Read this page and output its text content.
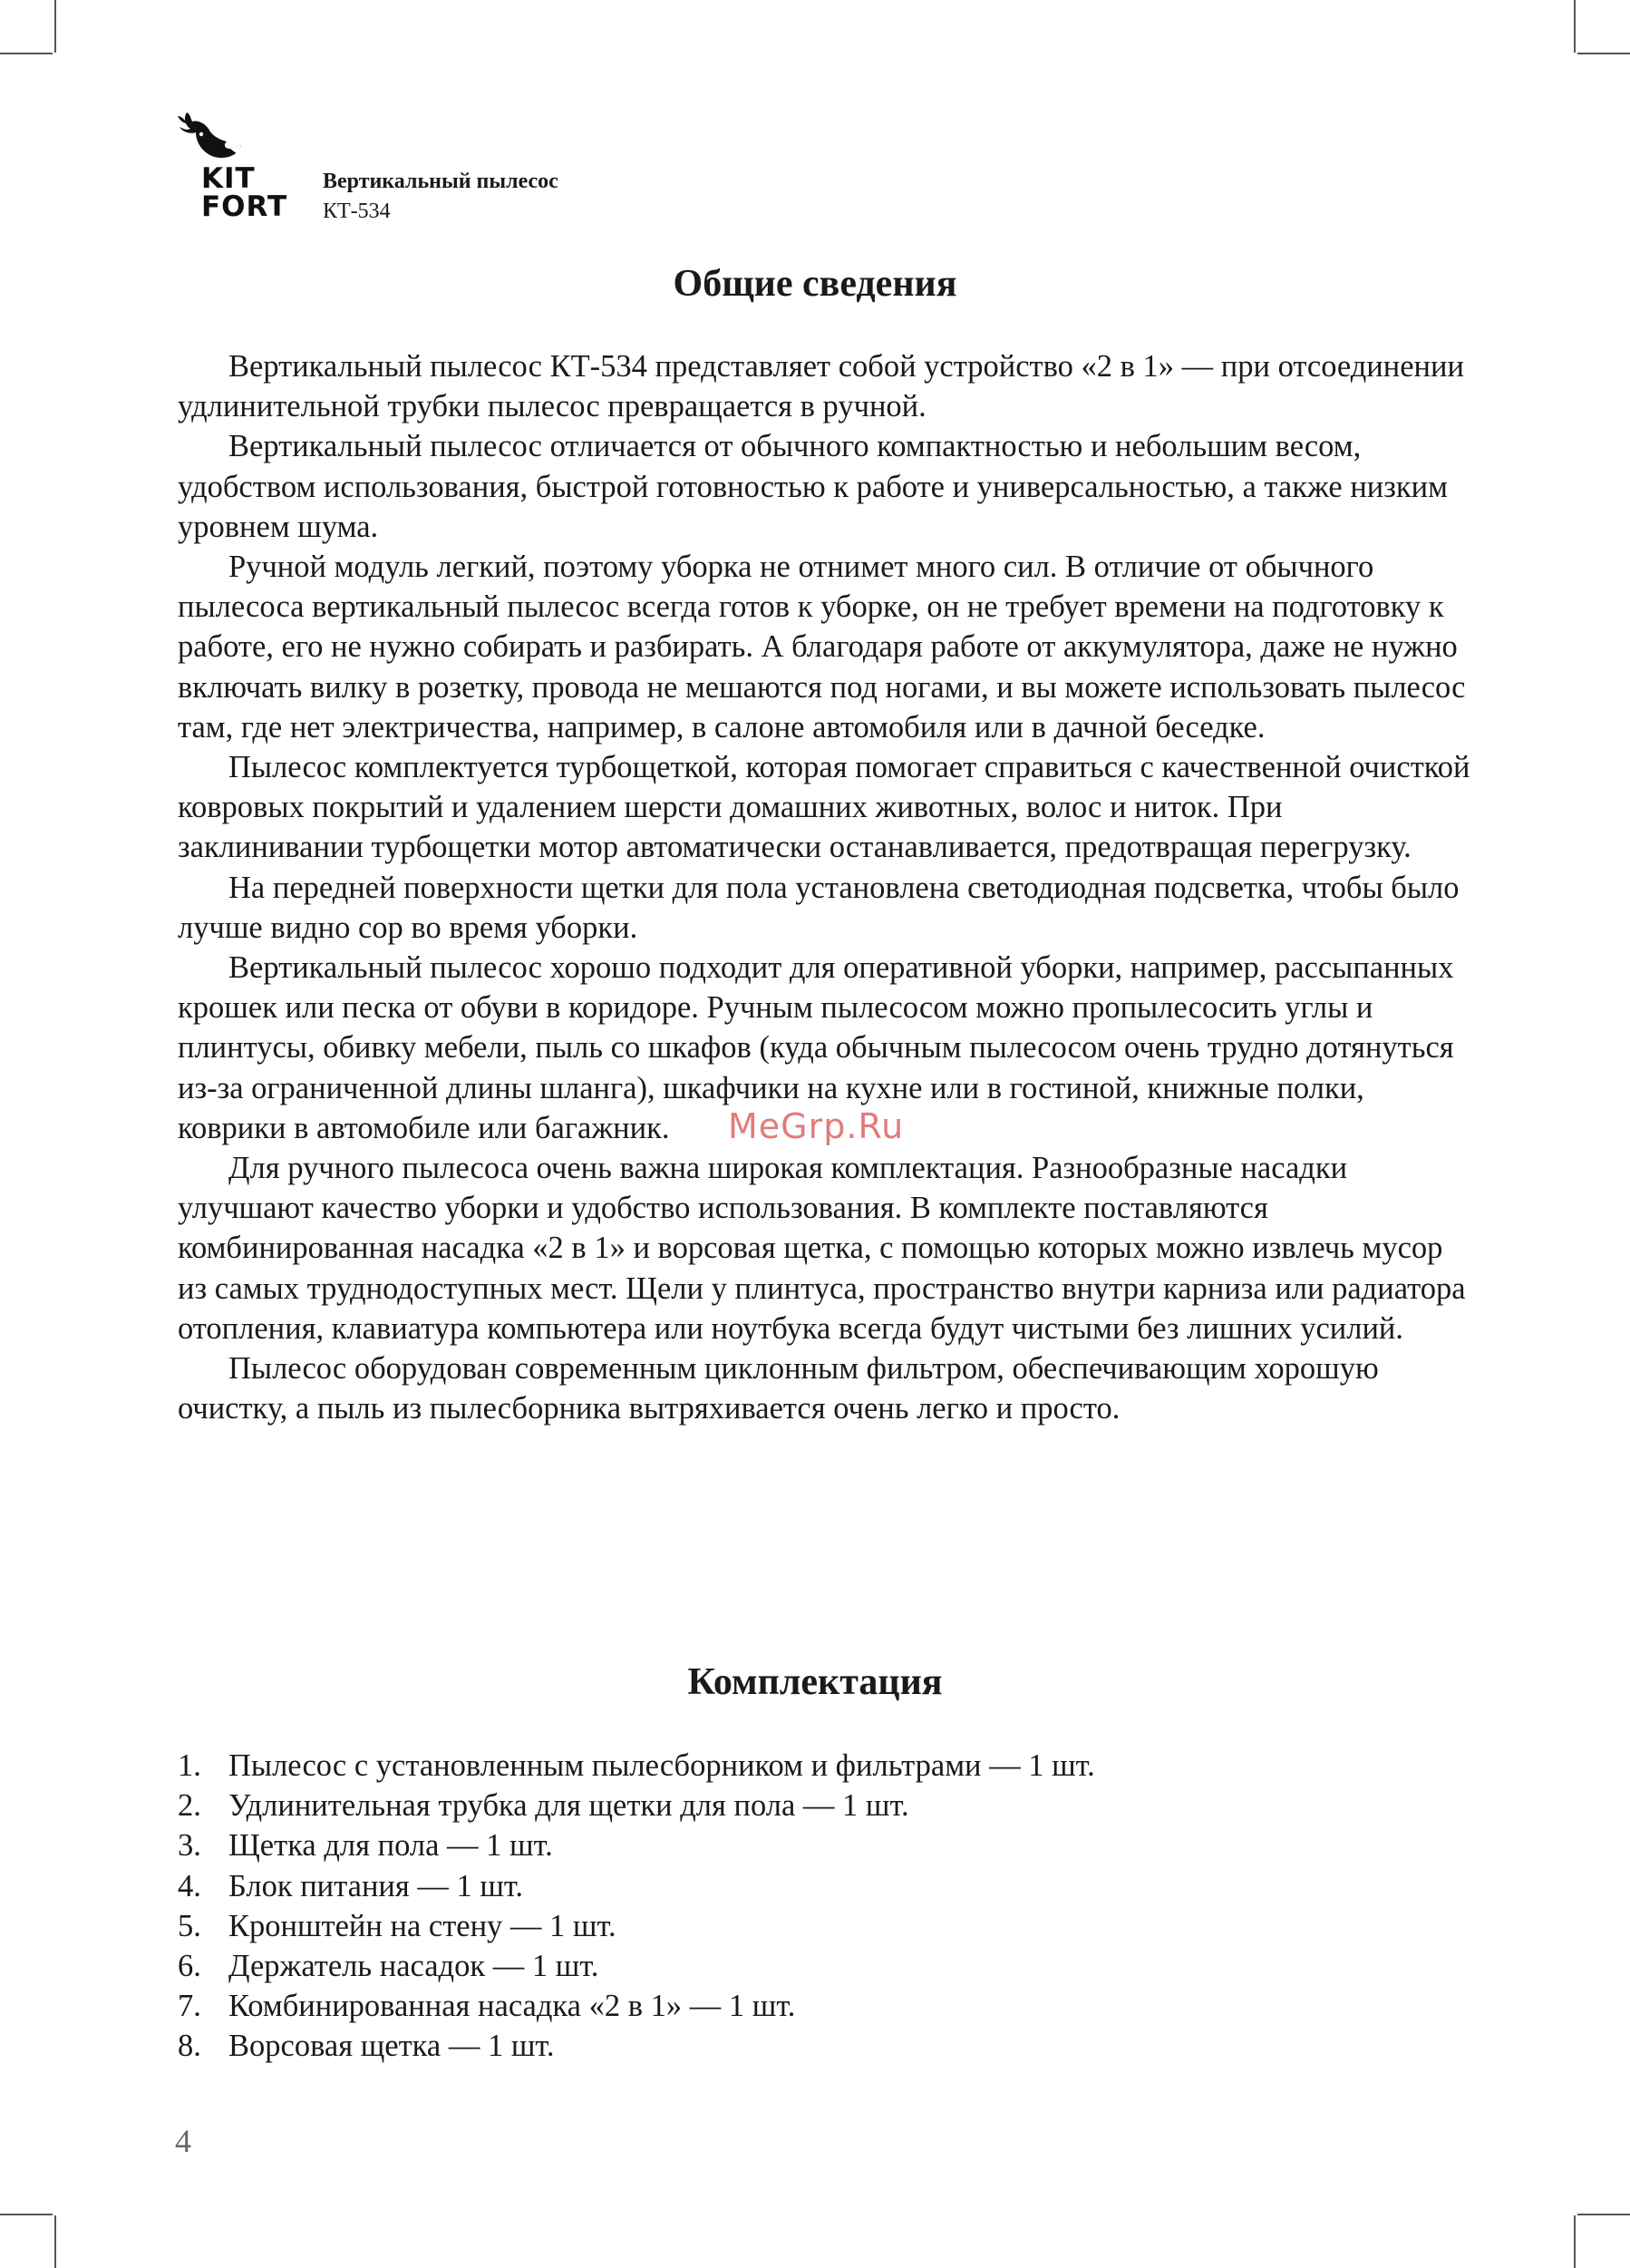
KIT
FORT
Вертикальный пылесос
КТ-534
Общие сведения

Вертикальный пылесос КТ-534 представляет собой устройство «2 в 1» — при отсоединении удлинительной трубки пылесос превращается в ручной.

Вертикальный пылесос отличается от обычного компактностью и небольшим весом, удобством использования, быстрой готовностью к работе и универсальностью, а также низким уровнем шума.

Ручной модуль легкий, поэтому уборка не отнимет много сил. В отличие от обычного пылесоса вертикальный пылесос всегда готов к уборке, он не требует времени на подготовку к работе, его не нужно собирать и разбирать. А благодаря работе от аккумулятора, даже не нужно включать вилку в розетку, провода не мешаются под ногами, и вы можете использовать пылесос там, где нет электричества, например, в салоне автомобиля или в дачной беседке.

Пылесос комплектуется турбощеткой, которая помогает справиться с качественной очисткой ковровых покрытий и удалением шерсти домашних животных, волос и ниток. При заклинивании турбощетки мотор автоматически останавливается, предотвращая перегрузку.

На передней поверхности щетки для пола установлена светодиодная подсветка, чтобы было лучше видно сор во время уборки.

Вертикальный пылесос хорошо подходит для оперативной уборки, например, рассыпанных крошек или песка от обуви в коридоре. Ручным пылесосом можно пропылесосить углы и плинтусы, обивку мебели, пыль со шкафов (куда обычным пылесосом очень трудно дотянуться из-за ограниченной длины шланга), шкафчики на кухне или в гостиной, книжные полки, коврики в автомобиле или багажник.

Для ручного пылесоса очень важна широкая комплектация. Разнообразные насадки улучшают качество уборки и удобство использования. В комплекте поставляются комбинированная насадка «2 в 1» и ворсовая щетка, с помощью которых можно извлечь мусор из самых труднодоступных мест. Щели у плинтуса, пространство внутри карниза или радиатора отопления, клавиатура компьютера или ноутбука всегда будут чистыми без лишних усилий.

Пылесос оборудован современным циклонным фильтром, обеспечивающим хорошую очистку, а пыль из пылесборника вытряхивается очень легко и просто.

MeGrp.Ru
Комплектация
1. Пылесос с установленным пылесборником и фильтрами — 1 шт.
2. Удлинительная трубка для щетки для пола — 1 шт.
3. Щетка для пола — 1 шт.
4. Блок питания — 1 шт.
5. Кронштейн на стену — 1 шт.
6. Держатель насадок — 1 шт.
7. Комбинированная насадка «2 в 1» — 1 шт.
8. Ворсовая щетка — 1 шт.
4
